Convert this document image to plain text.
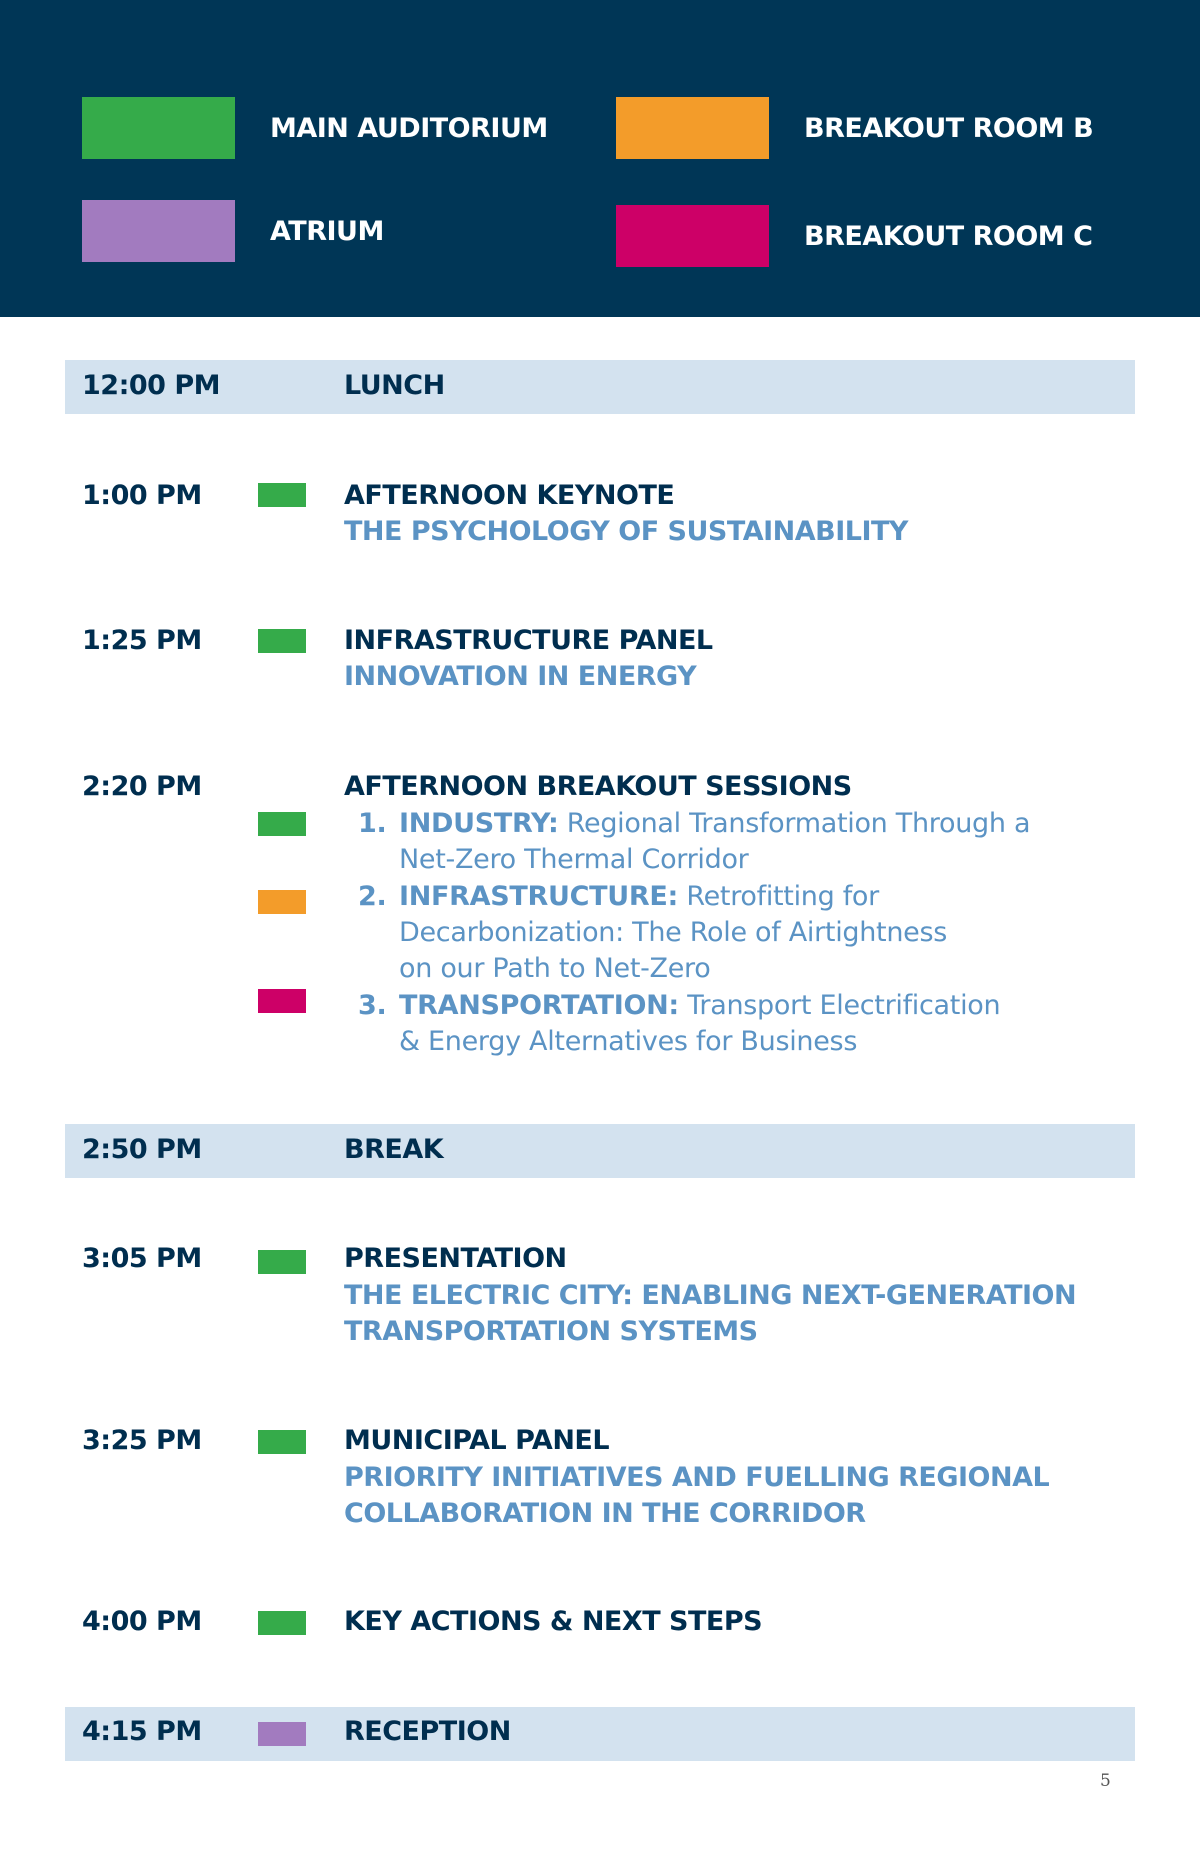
MAIN AUDITORIUM	BREAKOUT ROOM B
ATRIUM	BREAKOUT ROOM C
12:00 PM	LUNCH
1:00 PM	AFTERNOON KEYNOTE
THE PSYCHOLOGY OF SUSTAINABILITY
1:25 PM	INFRASTRUCTURE PANEL
INNOVATION IN ENERGY
2:20 PM	AFTERNOON BREAKOUT SESSIONS
1. INDUSTRY: Regional Transformation Through a
Net-Zero Thermal Corridor
2. INFRASTRUCTURE: Retrofitting for
Decarbonization: The Role of Airtightness
on our Path to Net-Zero
3. TRANSPORTATION: Transport Electrification
& Energy Alternatives for Business
2:50 PM	BREAK
3:05 PM	PRESENTATION
THE ELECTRIC CITY: ENABLING NEXT-GENERATION
TRANSPORTATION SYSTEMS
3:25 PM	MUNICIPAL PANEL
PRIORITY INITIATIVES AND FUELLING REGIONAL
COLLABORATION IN THE CORRIDOR
4:00 PM	KEY ACTIONS & NEXT STEPS
4:15 PM	RECEPTION
5
